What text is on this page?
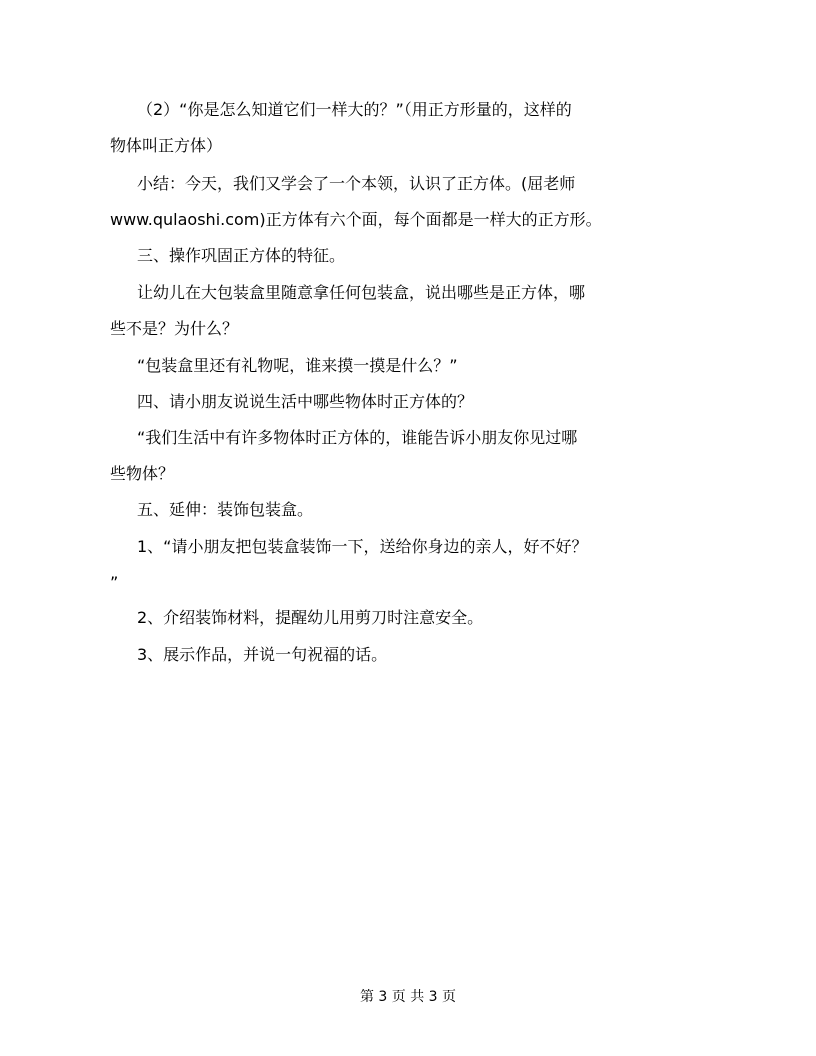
（2）“你是怎么知道它们一样大的？”（用正方形量的，这样的
物体叫正方体）
小结：今天，我们又学会了一个本领，认识了正方体。(屈老师
www.qulaoshi.com)正方体有六个面，每个面都是一样大的正方形。
三、操作巩固正方体的特征。
让幼儿在大包装盒里随意拿任何包装盒，说出哪些是正方体，哪
些不是？为什么？
“包装盒里还有礼物呢，谁来摸一摸是什么？”
四、请小朋友说说生活中哪些物体时正方体的？
“我们生活中有许多物体时正方体的，谁能告诉小朋友你见过哪
些物体？
五、延伸：装饰包装盒。
1、“请小朋友把包装盒装饰一下，送给你身边的亲人，好不好？
”
2、介绍装饰材料，提醒幼儿用剪刀时注意安全。
3、展示作品，并说一句祝福的话。
第 3 页 共 3 页
